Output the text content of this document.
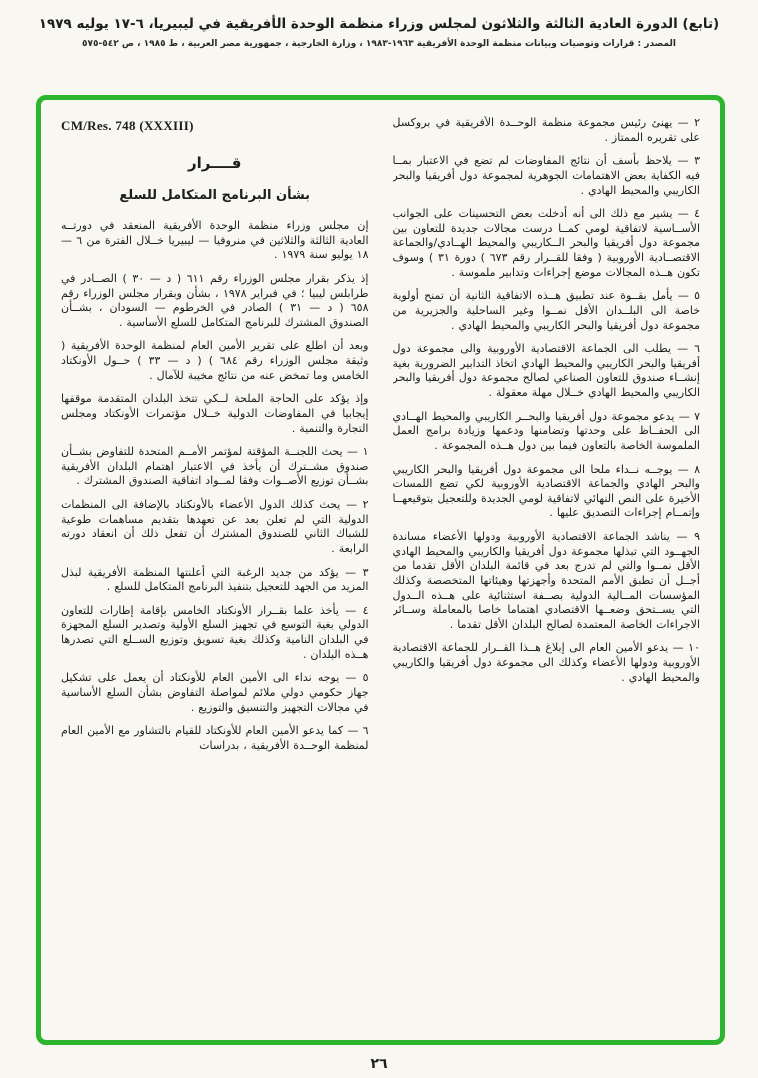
(تابع) الدورة العادية الثالثة والثلاثون لمجلس وزراء منظمة الوحدة الأفريقية في ليبيريا، ٦-١٧ يوليه ١٩٧٩
المصدر : قرارات وتوصيات وبيانات منظمة الوحدة الأفريقية ١٩٦٣-١٩٨٣ ، وزارة الخارجية ، جمهورية مصر العربية ، ط ١٩٨٥ ، ص ٥٤٢-٥٧٥

٢ — يهنئ رئيس مجموعة منظمة الوحــدة الأفريقية في بروكسل على تقريره الممتاز .

٣ — يلاحظ بأسف أن نتائج المفاوضات لم تضع في الاعتبار بمــا فيه الكفاية بعض الاهتمامات الجوهرية لمجموعة دول أفريقيا والبحر الكاريبي والمحيط الهادي .

٤ — يشير مع ذلك الى أنه أدخلت بعض التحسينات على الجوانب الأســاسية لاتفاقية لومي كمــا درست مجالات جديدة للتعاون بين مجموعة دول أفريقيا والبحر الــكاريبي والمحيط الهــادي/والجماعة الاقتصــادية الأوروبية ( وفقا للقــرار رقم ٦٧٣ ) دورة ٣١ ) وسوف تكون هــذه المجالات موضع إجراءات وتدابير ملموسة .

٥ — يأمل بقــوة عند تطبيق هــذه الاتفاقية الثانية أن تمنح أولوية خاصة الى البلــدان الأقل نمــوا وغير الساحلية والجزيرية من مجموعة دول أفريقيا والبحر الكاريبي والمحيط الهادي .

٦ — يطلب الى الجماعة الاقتصادية الأوروبية والى مجموعة دول أفريقيا والبحر الكاريبي والمحيط الهادي اتخاذ التدابير الضرورية بغية إنشــاء صندوق للتعاون الصناعي لصالح مجموعة دول أفريقيا والبحر الكاريبي والمحيط الهادي خــلال مهلة معقولة .

٧ — يدعو مجموعة دول أفريقيا والبحــر الكاريبي والمحيط الهــادي الى الحفــاظ على وحدتها وتضامنها ودعمها وزيادة برامج العمل الملموسة الخاصة بالتعاون فيما بين دول هــذه المجموعة .

٨ — يوجــه نــداء ملحا الى مجموعة دول أفريقيا والبحر الكاريبي والبحر الهادي والجماعة الاقتصادية الأوروبية لكي تضع اللمسات الأخيرة على النص النهائي لاتفاقية لومي الجديدة وللتعجيل بتوقيعهــا وإتمــام إجراءات التصديق عليها .

٩ — يناشد الجماعة الاقتصادية الأوروبية ودولها الأعضاء مساندة الجهــود التي تبذلها مجموعة دول أفريقيا والكاريبي والمحيط الهادي الأقل نمــوا والتي لم تدرج بعد في قائمة البلدان الأقل تقدما من أجــل أن تطبق الأمم المتحدة وأجهزتها وهيئاتها المتخصصة وكذلك المؤسسات المــالية الدولية بصــفة استثنائية على هــذه الــدول التي يســتحق وضعــها الاقتصادي اهتماما خاصا بالمعاملة وســائر الاجراءات الخاصة المعتمدة لصالح البلدان الأقل تقدما .

١٠ — يدعو الأمين العام الى إبلاغ هــذا القــرار للجماعة الاقتصادية الأوروبية ودولها الأعضاء وكذلك الى مجموعة دول أفريقيا والكاريبي والمحيط الهادي .

CM/Res. 748 (XXXIII)
قــــرار
بشأن البرنامج المتكامل للسلع

إن مجلس وزراء منظمة الوحدة الأفريقية المنعقد في دورتــه العادية الثالثة والثلاثين في منروفيا — ليبيريا خــلال الفترة من ٦ — ١٨ يوليو سنة ١٩٧٩ .

إذ يذكر بقرار مجلس الوزراء رقم ٦١١ ( د — ٣٠ ) الصــادر في طرابلس ليبيا ؛ في فبراير ١٩٧٨ ، بشأن وبقرار مجلس الوزراء رقم ٦٥٨ ( د — ٣١ ) الصادر في الخرطوم — السودان ، بشــأن الصندوق المشترك للبرنامج المتكامل للسلع الأساسية .

وبعد أن اطلع على تقرير الأمين العام لمنظمة الوحدة الأفريقية ( وثيقة مجلس الوزراء رقم ٦٨٤ ) ( د — ٣٣ ) حــول الأونكتاد الخامس وما تمخض عنه من نتائج مخيبة للآمال .

وإذ يؤكد على الحاجة الملحة لــكي تتخذ البلدان المتقدمة موقفها إيجابيا في المفاوضات الدولية خــلال مؤتمرات الأونكتاد ومجلس التجارة والتنمية .

١ — يحث اللجنــة المؤقتة لمؤتمر الأمــم المتحدة للتفاوض بشــأن صندوق مشــترك أن يأخذ في الاعتبار اهتمام البلدان الأفريقية بشــأن توزيع الأصــوات وفقا لمــواد اتفاقية الصندوق المشترك .

٢ — يحث كذلك الدول الأعضاء بالأونكتاد بالإضافة الى المنظمات الدولية التي لم تعلن بعد عن تعهدها بتقديم مساهمات طوعية للشباك الثاني للصندوق المشترك أن تفعل ذلك أن انعقاد دورته الرابعة .

٣ — يؤكد من جديد الرغبة التي أعلنتها المنظمة الأفريقية لبذل المزيد من الجهد للتعجيل بتنفيذ البرنامج المتكامل للسلع .

٤ — يأخذ علما بقــرار الأونكتاد الخامس بإقامة إطارات للتعاون الدولي بغية التوسع في تجهيز السلع الأولية وتصدير السلع المجهزة في البلدان النامية وكذلك بغية تسويق وتوزيع الســلع التي تصدرها هــذه البلدان .

٥ — يوجه نداء الى الأمين العام للأونكتاد أن يعمل على تشكيل جهاز حكومي دولي ملائم لمواصلة التفاوض بشأن السلع الأساسية في مجالات التجهيز والتنسيق والتوزيع .

٦ — كما يدعو الأمين العام للأونكتاد للقيام بالتشاور مع الأمين العام لمنظمة الوحــدة الأفريقية ، بدراسات

٢٦
